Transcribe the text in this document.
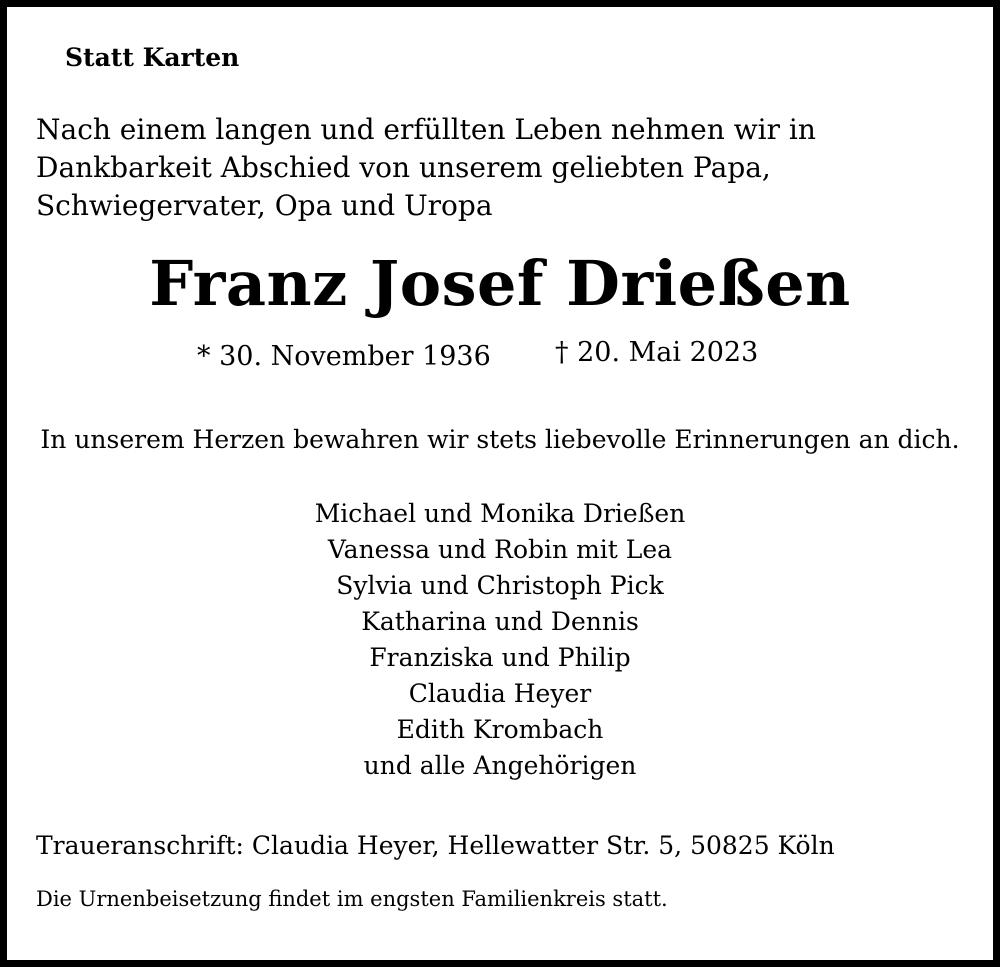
Statt Karten
Nach einem langen und erfüllten Leben nehmen wir in Dankbarkeit Abschied von unserem geliebten Papa, Schwiegervater, Opa und Uropa
Franz Josef Drießen
* 30. November 1936 † 20. Mai 2023
In unserem Herzen bewahren wir stets liebevolle Erinnerungen an dich.
Michael und Monika Drießen
Vanessa und Robin mit Lea
Sylvia und Christoph Pick
Katharina und Dennis
Franziska und Philip
Claudia Heyer
Edith Krombach
und alle Angehörigen
Traueranschrift: Claudia Heyer, Hellewatter Str. 5, 50825 Köln
Die Urnenbeisetzung findet im engsten Familienkreis statt.
